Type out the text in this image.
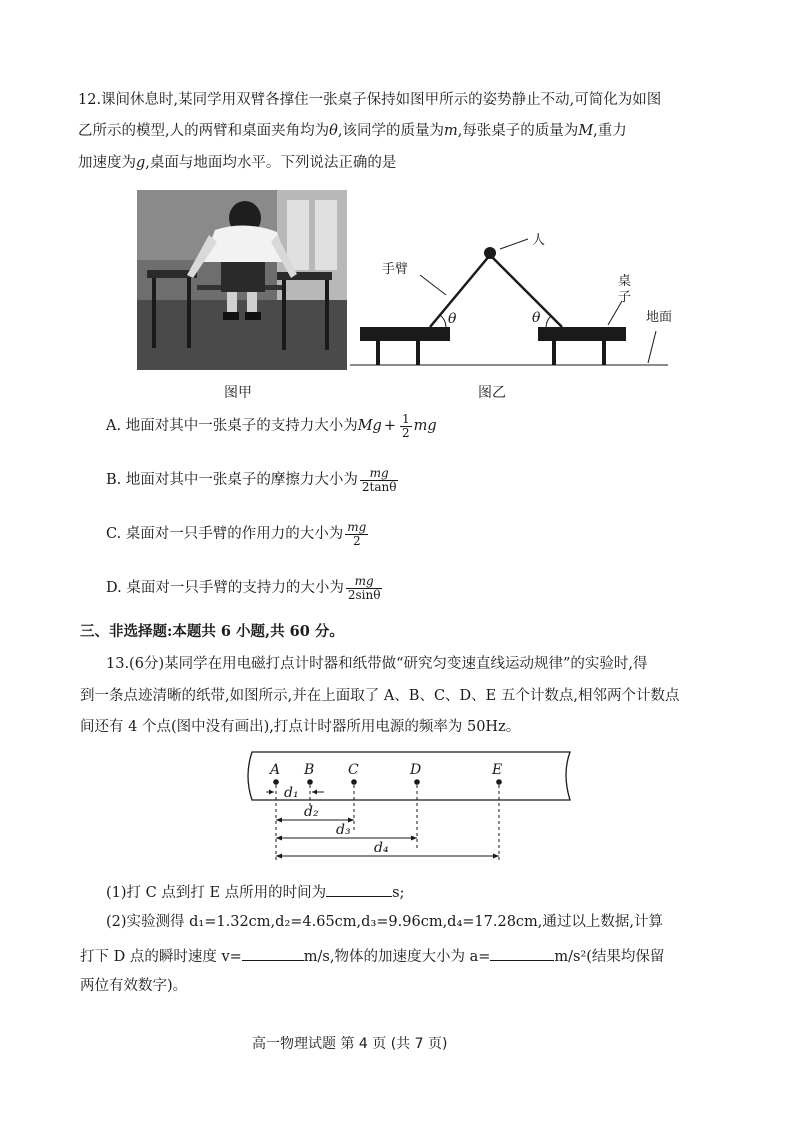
12.课间休息时,某同学用双臂各撑住一张桌子保持如图甲所示的姿势静止不动,可简化为如图
乙所示的模型,人的两臂和桌面夹角均为θ,该同学的质量为m,每张桌子的质量为M,重力
加速度为g,桌面与地面均水平。下列说法正确的是
图甲
θ	θ
人
手臂
桌
子
地面
图乙
A. 地面对其中一张桌子的支持力大小为$Mg + \frac{1}{2}$ mg
B. 地面对其中一张桌子的摩擦力大小为 $\frac{mg}{2\tan\theta}$
C. 桌面对一只手臂的作用力的大小为 $\frac{mg}{2}$
D. 桌面对一只手臂的支持力的大小为 $\frac{mg}{2\sin\theta}$
三、非选择题:本题共 6 小题,共 60 分。
13.(6分)某同学在用电磁打点计时器和纸带做“研究匀变速直线运动规律”的实验时,得
到一条点迹清晰的纸带,如图所示,并在上面取了 A、B、C、D、E 五个计数点,相邻两个计数点
间还有 4 个点(图中没有画出),打点计时器所用电源的频率为 50Hz。
A B C	D	E
d₁
d₂
d₃
d₄
(1)打 C 点到打 E 点所用的时间为	s;
(2)实验测得 d₁=1.32cm,d₂=4.65cm,d₃=9.96cm,d₄=17.28cm,通过以上数据,计算
打下 D 点的瞬时速度 v=	m/s,物体的加速度大小为 a=	m/s²(结果均保留
两位有效数字)。
高一物理试题 第 4 页 (共 7 页)
